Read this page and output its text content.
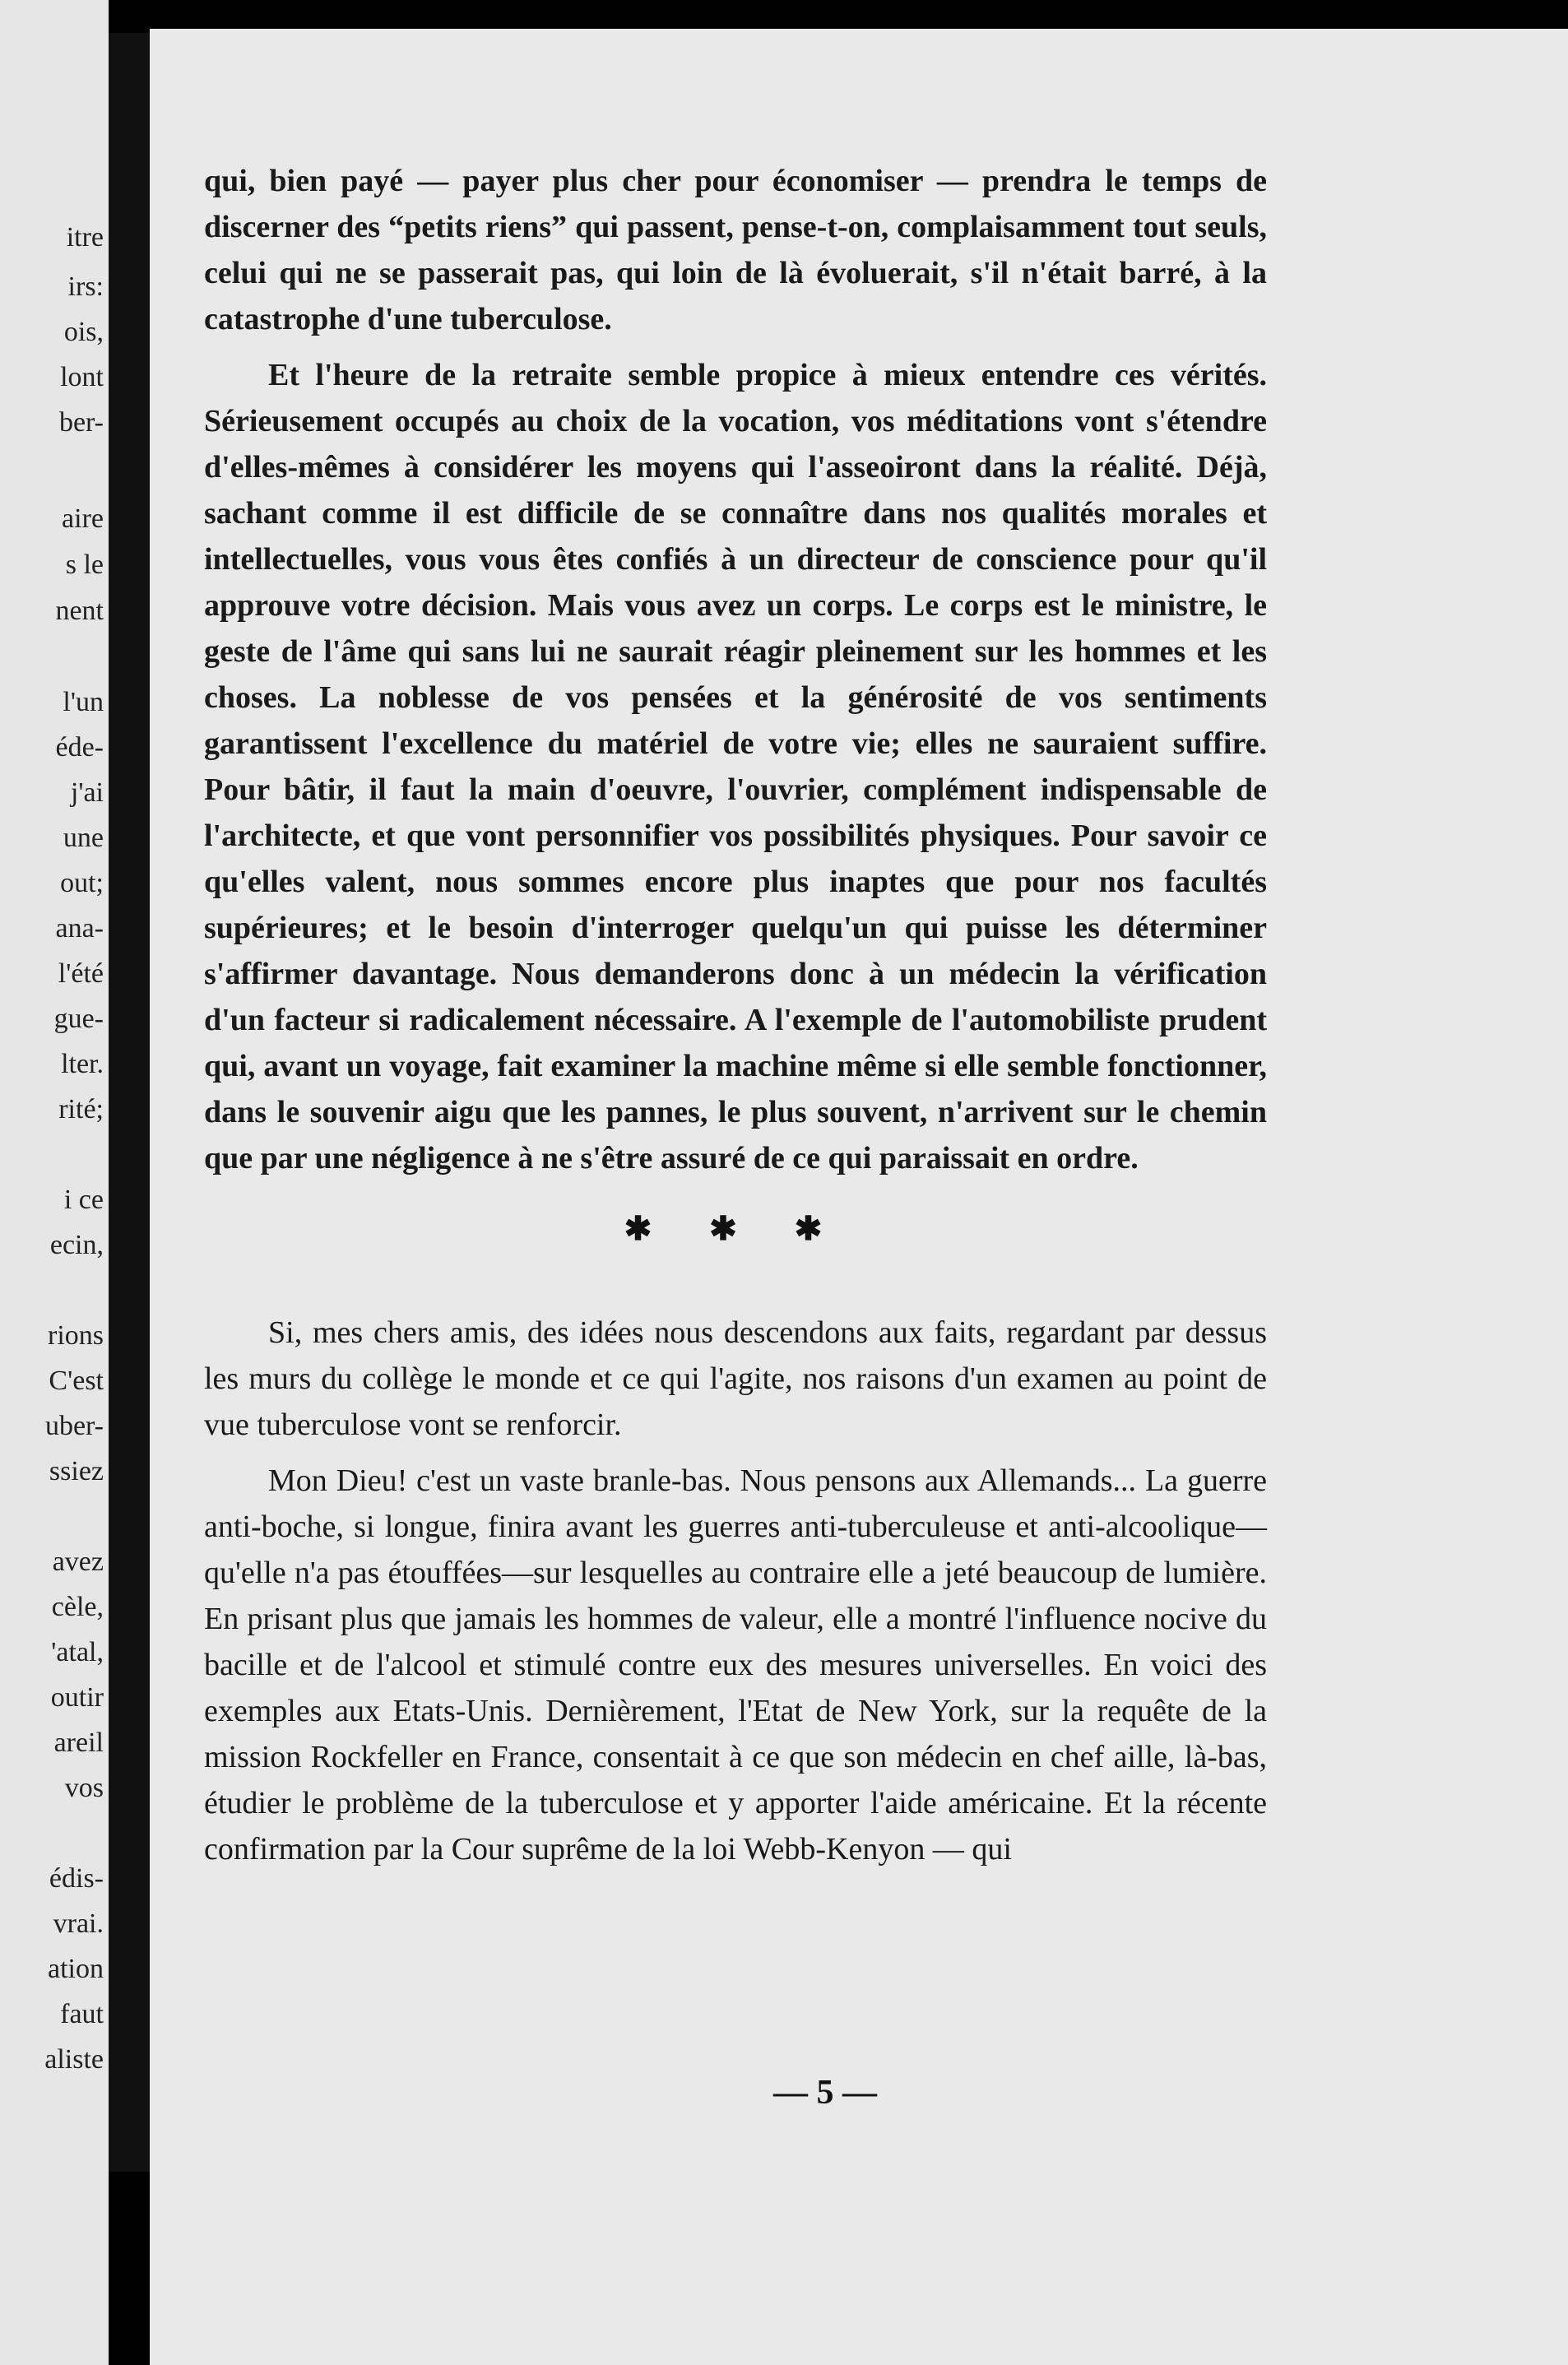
itre
irs:
ois,
lont
ber-
aire
s le
nent
l'un
éde-
j'ai
une
out;
ana-
l'été
gue-
lter.
rité;
i ce
ecin,
rions
C'est
uber-
ssiez
avez
cèle,
'atal,
outir
areil
vos
édis-
vrai.
ation
faut
aliste

qui, bien payé — payer plus cher pour économiser — prendra le temps de discerner des “petits riens” qui passent, pense-t-on, complaisamment tout seuls, celui qui ne se passerait pas, qui loin de là évoluerait, s'il n'était barré, à la catastrophe d'une tuberculose.

Et l'heure de la retraite semble propice à mieux entendre ces vérités. Sérieusement occupés au choix de la vocation, vos méditations vont s'étendre d'elles-mêmes à considérer les moyens qui l'asseoiront dans la réalité. Déjà, sachant comme il est difficile de se connaître dans nos qualités morales et intellectuelles, vous vous êtes confiés à un directeur de conscience pour qu'il approuve votre décision. Mais vous avez un corps. Le corps est le ministre, le geste de l'âme qui sans lui ne saurait réagir pleinement sur les hommes et les choses. La noblesse de vos pensées et la générosité de vos sentiments garantissent l'excellence du matériel de votre vie; elles ne sauraient suffire. Pour bâtir, il faut la main d'oeuvre, l'ouvrier, complément indispensable de l'architecte, et que vont personnifier vos possibilités physiques. Pour savoir ce qu'elles valent, nous sommes encore plus inaptes que pour nos facultés supérieures; et le besoin d'interroger quelqu'un qui puisse les déterminer s'affirmer davantage. Nous demanderons donc à un médecin la vérification d'un facteur si radicalement nécessaire. A l'exemple de l'automobiliste prudent qui, avant un voyage, fait examiner la machine même si elle semble fonctionner, dans le souvenir aigu que les pannes, le plus souvent, n'arrivent sur le chemin que par une négligence à ne s'être assuré de ce qui paraissait en ordre.

✱ ✱ ✱

Si, mes chers amis, des idées nous descendons aux faits, regardant par dessus les murs du collège le monde et ce qui l'agite, nos raisons d'un examen au point de vue tuberculose vont se renforcir.

Mon Dieu! c'est un vaste branle-bas. Nous pensons aux Allemands... La guerre anti-boche, si longue, finira avant les guerres anti-tuberculeuse et anti-alcoolique—qu'elle n'a pas étouffées—sur lesquelles au contraire elle a jeté beaucoup de lumière. En prisant plus que jamais les hommes de valeur, elle a montré l'influence nocive du bacille et de l'alcool et stimulé contre eux des mesures universelles. En voici des exemples aux Etats-Unis. Dernièrement, l'Etat de New York, sur la requête de la mission Rockfeller en France, consentait à ce que son médecin en chef aille, là-bas, étudier le problème de la tuberculose et y apporter l'aide américaine. Et la récente confirmation par la Cour suprême de la loi Webb-Kenyon — qui

— 5 —
